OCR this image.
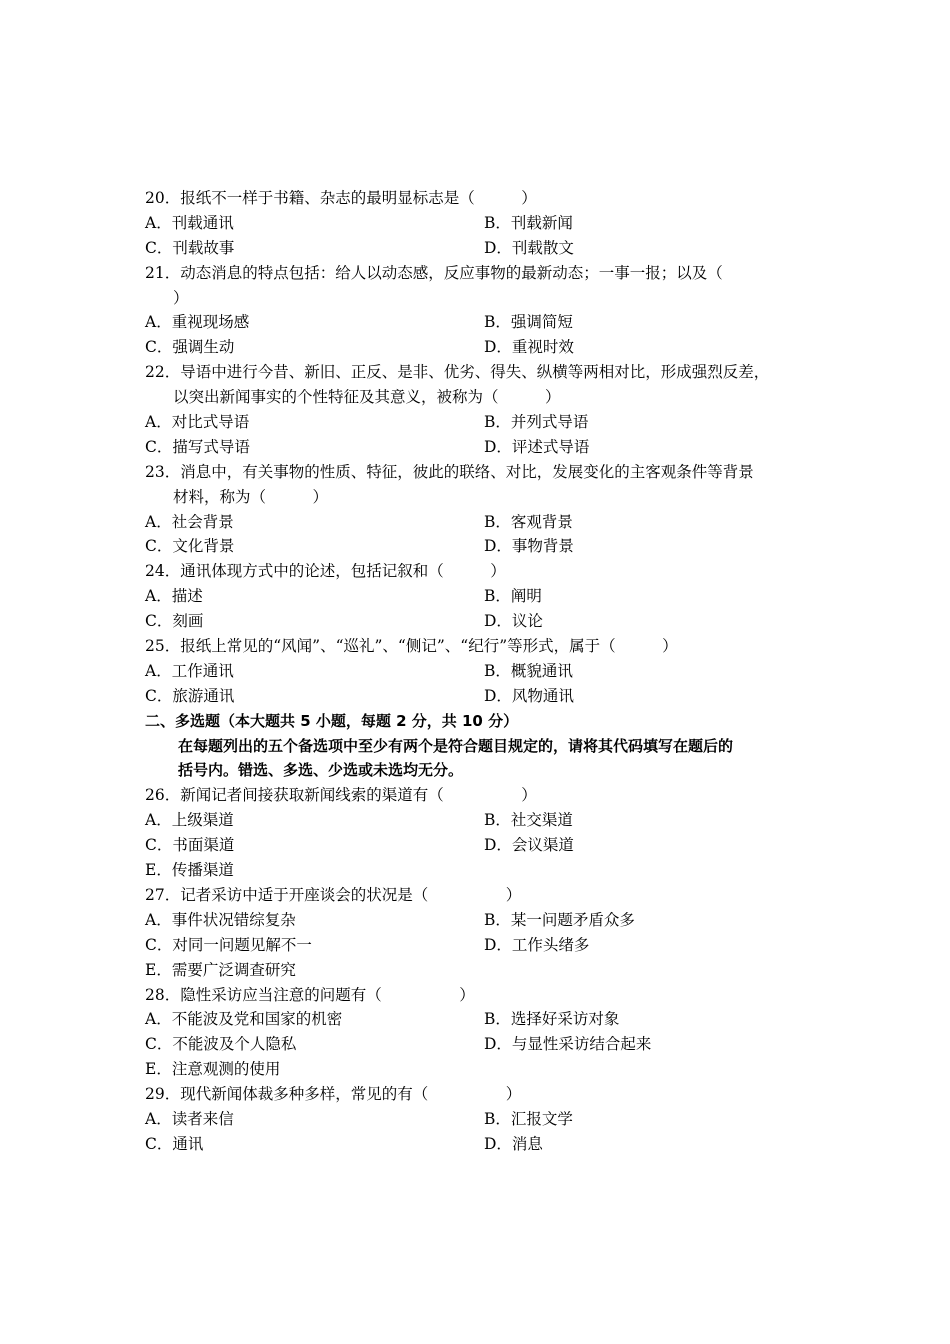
20．报纸不一样于书籍、杂志的最明显标志是（　　　）
A．刊载通讯	B．刊载新闻
C．刊载故事	D．刊载散文
21．动态消息的特点包括：给人以动态感，反应事物的最新动态；一事一报；以及（
）
A．重视现场感	B．强调简短
C．强调生动	D．重视时效
22．导语中进行今昔、新旧、正反、是非、优劣、得失、纵横等两相对比，形成强烈反差，
以突出新闻事实的个性特征及其意义，被称为（　　　）
A．对比式导语	B．并列式导语
C．描写式导语	D．评述式导语
23．消息中，有关事物的性质、特征，彼此的联络、对比，发展变化的主客观条件等背景
材料，称为（　　　）
A．社会背景	B．客观背景
C．文化背景	D．事物背景
24．通讯体现方式中的论述，包括记叙和（　　　）
A．描述	B．阐明
C．刻画	D．议论
25．报纸上常见的“风闻”、“巡礼”、“侧记”、“纪行”等形式，属于（　　　）
A．工作通讯	B．概貌通讯
C．旅游通讯	D．风物通讯
二、多选题（本大题共 5 小题，每题 2 分，共 10 分）
在每题列出的五个备选项中至少有两个是符合题目规定的，请将其代码填写在题后的
括号内。错选、多选、少选或未选均无分。
26．新闻记者间接获取新闻线索的渠道有（　　　　　）
A．上级渠道	B．社交渠道
C．书面渠道	D．会议渠道
E．传播渠道
27．记者采访中适于开座谈会的状况是（　　　　　）
A．事件状况错综复杂	B．某一问题矛盾众多
C．对同一问题见解不一	D．工作头绪多
E．需要广泛调查研究
28．隐性采访应当注意的问题有（　　　　　）
A．不能波及党和国家的机密	B．选择好采访对象
C．不能波及个人隐私	D．与显性采访结合起来
E．注意观测的使用
29．现代新闻体裁多种多样，常见的有（　　　　　）
A．读者来信	B．汇报文学
C．通讯	D．消息
